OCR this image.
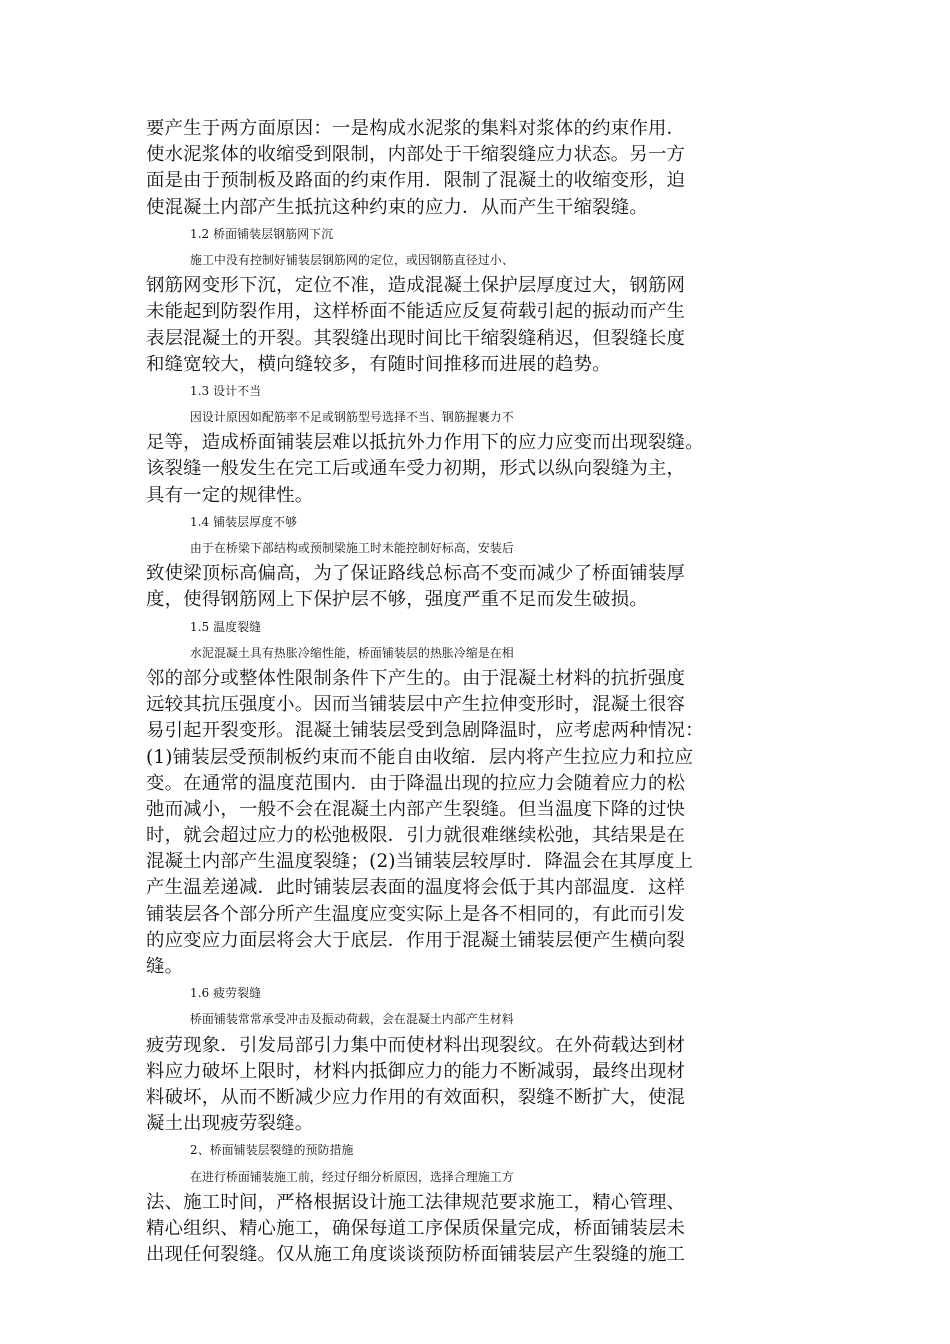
要产生于两方面原因：一是构成水泥浆的集料对浆体的约束作用．
使水泥浆体的收缩受到限制，内部处于干缩裂缝应力状态。另一方
面是由于预制板及路面的约束作用．限制了混凝土的收缩变形，迫
使混凝土内部产生抵抗这种约束的应力．从而产生干缩裂缝。
1.2 桥面铺装层钢筋网下沉
施工中没有控制好铺装层钢筋网的定位，或因钢筋直径过小、
钢筋网变形下沉，定位不准，造成混凝土保护层厚度过大，钢筋网
未能起到防裂作用，这样桥面不能适应反复荷载引起的振动而产生
表层混凝土的开裂。其裂缝出现时间比干缩裂缝稍迟，但裂缝长度
和缝宽较大，横向缝较多，有随时间推移而进展的趋势。
1.3 设计不当
因设计原因如配筋率不足或钢筋型号选择不当、钢筋握裹力不
足等，造成桥面铺装层难以抵抗外力作用下的应力应变而出现裂缝。
该裂缝一般发生在完工后或通车受力初期，形式以纵向裂缝为主，
具有一定的规律性。
1.4 铺装层厚度不够
由于在桥梁下部结构或预制梁施工时未能控制好标高，安装后
致使梁顶标高偏高，为了保证路线总标高不变而减少了桥面铺装厚
度，使得钢筋网上下保护层不够，强度严重不足而发生破损。
1.5 温度裂缝
水泥混凝土具有热胀冷缩性能，桥面铺装层的热胀冷缩是在相
邻的部分或整体性限制条件下产生的。由于混凝土材料的抗折强度
远较其抗压强度小。因而当铺装层中产生拉伸变形时，混凝土很容
易引起开裂变形。混凝土铺装层受到急剧降温时，应考虑两种情况：
(1)铺装层受预制板约束而不能自由收缩．层内将产生拉应力和拉应
变。在通常的温度范围内．由于降温出现的拉应力会随着应力的松
弛而减小，一般不会在混凝土内部产生裂缝。但当温度下降的过快
时，就会超过应力的松弛极限．引力就很难继续松弛，其结果是在
混凝土内部产生温度裂缝；(2)当铺装层较厚时．降温会在其厚度上
产生温差递减．此时铺装层表面的温度将会低于其内部温度．这样
铺装层各个部分所产生温度应变实际上是各不相同的，有此而引发
的应变应力面层将会大于底层．作用于混凝土铺装层便产生横向裂
缝。
1.6 疲劳裂缝
桥面铺装常常承受冲击及振动荷载，会在混凝土内部产生材料
疲劳现象．引发局部引力集中而使材料出现裂纹。在外荷载达到材
料应力破坏上限时，材料内抵御应力的能力不断减弱，最终出现材
料破坏，从而不断减少应力作用的有效面积，裂缝不断扩大，使混
凝土出现疲劳裂缝。
2、桥面铺装层裂缝的预防措施
在进行桥面铺装施工前，经过仔细分析原因，选择合理施工方
法、施工时间，严格根据设计施工法律规范要求施工，精心管理、
精心组织、精心施工，确保每道工序保质保量完成，桥面铺装层未
出现任何裂缝。仅从施工角度谈谈预防桥面铺装层产生裂缝的施工
